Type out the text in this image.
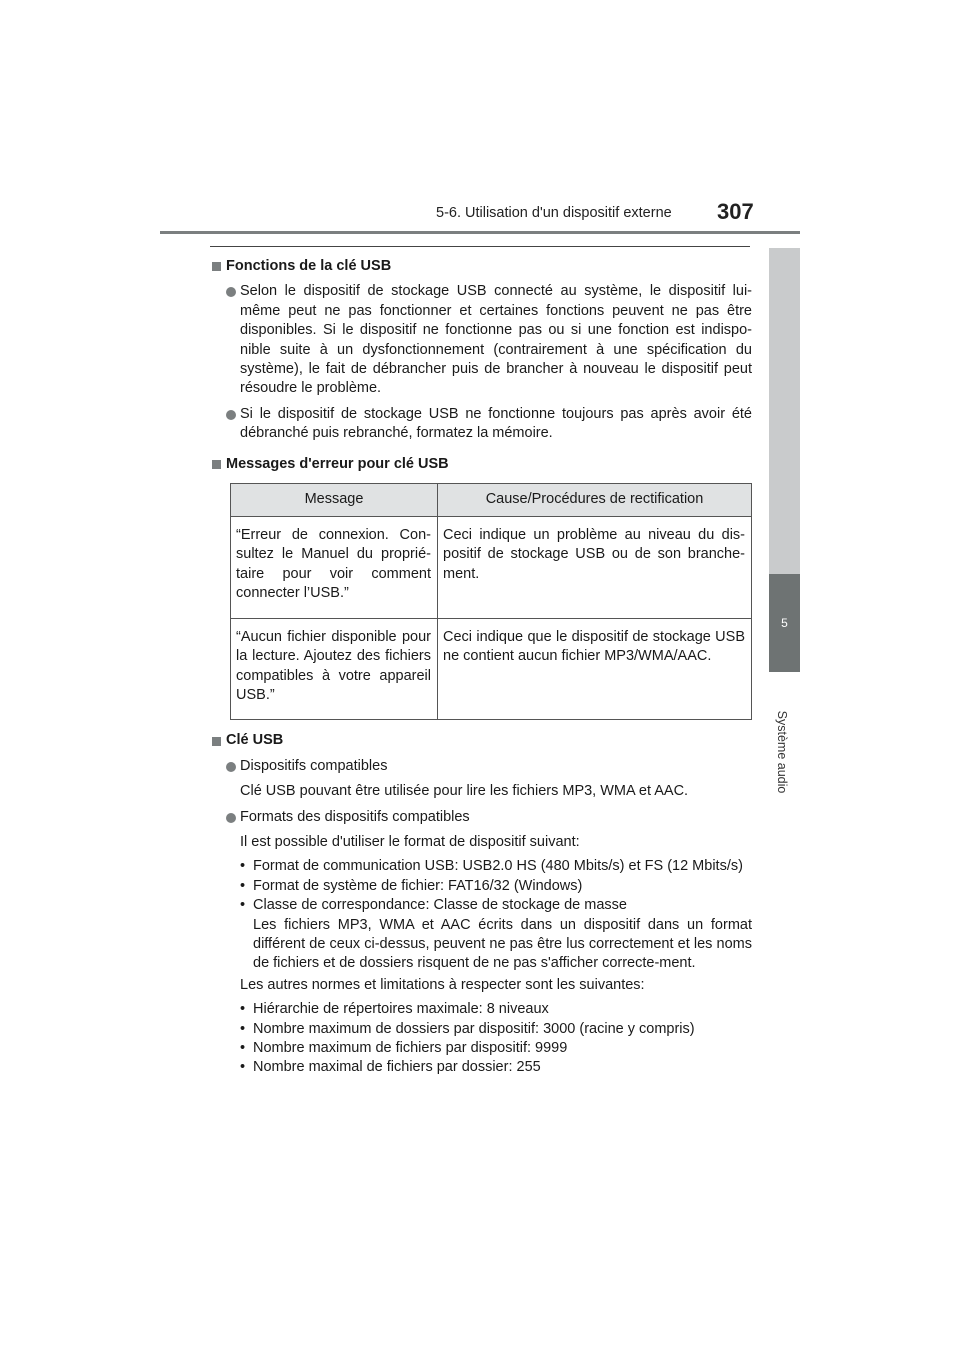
5-6. Utilisation d'un dispositif externe 307
5
Système audio
Fonctions de la clé USB
Selon le dispositif de stockage USB connecté au système, le dispositif lui-même peut ne pas fonctionner et certaines fonctions peuvent ne pas être disponibles. Si le dispositif ne fonctionne pas ou si une fonction est indispo-nible suite à un dysfonctionnement (contrairement à une spécification du système), le fait de débrancher puis de brancher à nouveau le dispositif peut résoudre le problème.
Si le dispositif de stockage USB ne fonctionne toujours pas après avoir été débranché puis rebranché, formatez la mémoire.
Messages d'erreur pour clé USB
Message	Cause/Procédures de rectification
“Erreur de connexion. Con-sultez le Manuel du proprié-taire pour voir comment connecter l’USB.”	Ceci indique un problème au niveau du dis-positif de stockage USB ou de son branche-ment.
“Aucun fichier disponible pour la lecture. Ajoutez des fichiers compatibles à votre appareil USB.”	Ceci indique que le dispositif de stockage USB ne contient aucun fichier MP3/WMA/AAC.
Clé USB
Dispositifs compatibles
Clé USB pouvant être utilisée pour lire les fichiers MP3, WMA et AAC.
Formats des dispositifs compatibles
Il est possible d'utiliser le format de dispositif suivant:
• Format de communication USB: USB2.0 HS (480 Mbits/s) et FS (12 Mbits/s)
• Format de système de fichier: FAT16/32 (Windows)
• Classe de correspondance: Classe de stockage de masse
Les fichiers MP3, WMA et AAC écrits dans un dispositif dans un format différent de ceux ci-dessus, peuvent ne pas être lus correctement et les noms de fichiers et de dossiers risquent de ne pas s'afficher correcte-ment.
Les autres normes et limitations à respecter sont les suivantes:
• Hiérarchie de répertoires maximale: 8 niveaux
• Nombre maximum de dossiers par dispositif: 3000 (racine y compris)
• Nombre maximum de fichiers par dispositif: 9999
• Nombre maximal de fichiers par dossier: 255
